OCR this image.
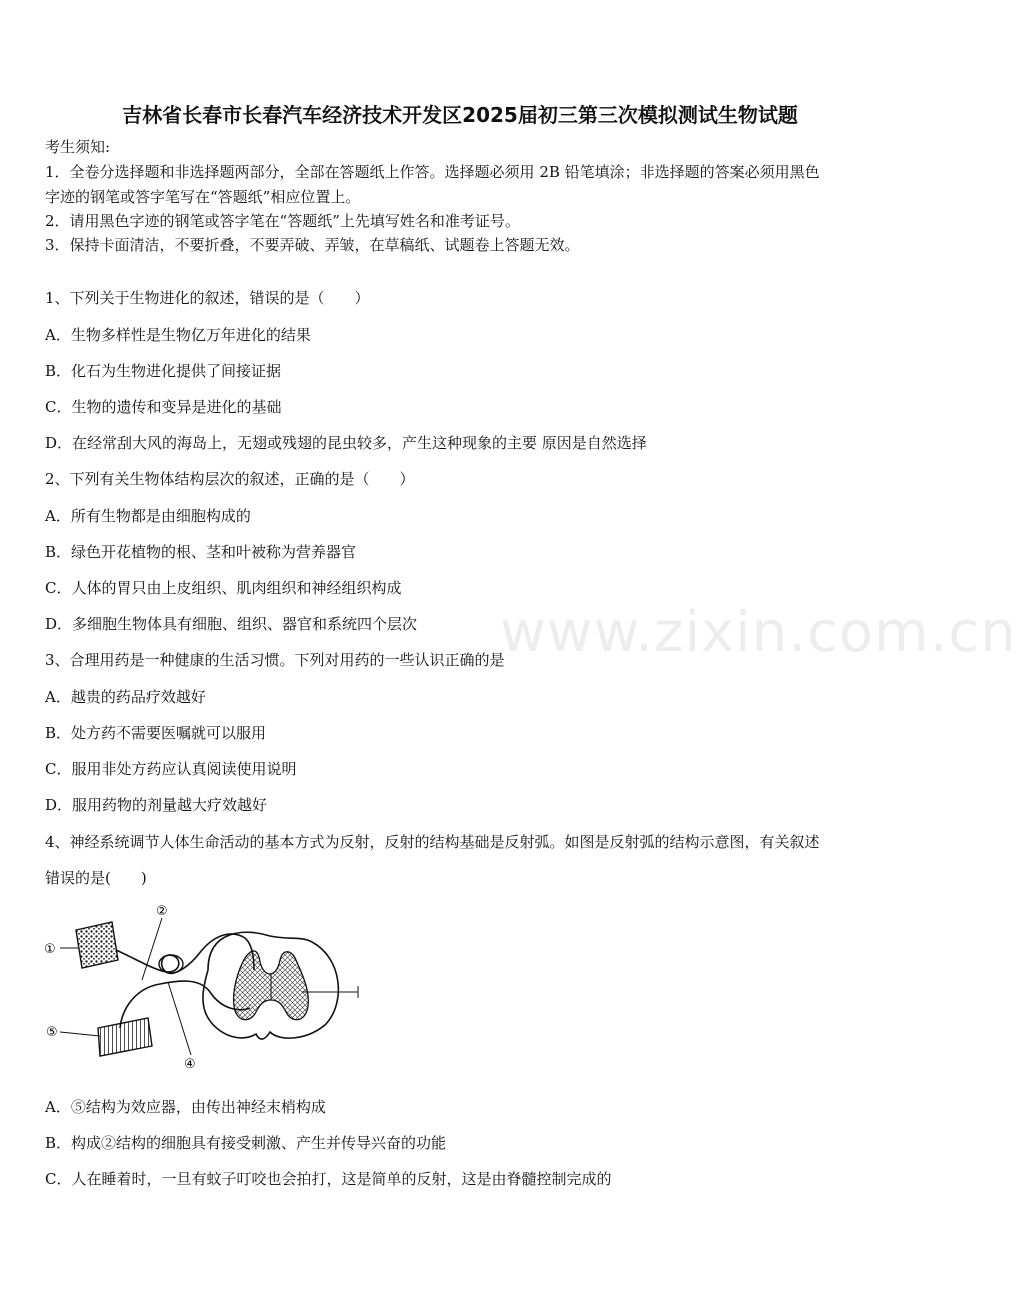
吉林省长春市长春汽车经济技术开发区2025届初三第三次模拟测试生物试题
考生须知:
1．全卷分选择题和非选择题两部分，全部在答题纸上作答。选择题必须用 2B 铅笔填涂；非选择题的答案必须用黑色
字迹的钢笔或答字笔写在“答题纸”相应位置上。
2．请用黑色字迹的钢笔或答字笔在“答题纸”上先填写姓名和准考证号。
3．保持卡面清洁，不要折叠，不要弄破、弄皱，在草稿纸、试题卷上答题无效。
1、下列关于生物进化的叙述，错误的是（　　）
A．生物多样性是生物亿万年进化的结果
B．化石为生物进化提供了间接证据
C．生物的遗传和变异是进化的基础
D．在经常刮大风的海岛上，无翅或残翅的昆虫较多，产生这种现象的主要 原因是自然选择
2、下列有关生物体结构层次的叙述，正确的是（　　）
A．所有生物都是由细胞构成的
B．绿色开花植物的根、茎和叶被称为营养器官
C．人体的胃只由上皮组织、肌肉组织和神经组织构成
D．多细胞生物体具有细胞、组织、器官和系统四个层次
3、合理用药是一种健康的生活习惯。下列对用药的一些认识正确的是
A．越贵的药品疗效越好
B．处方药不需要医嘱就可以服用
C．服用非处方药应认真阅读使用说明
D．服用药物的剂量越大疗效越好
4、神经系统调节人体生命活动的基本方式为反射，反射的结构基础是反射弧。如图是反射弧的结构示意图，有关叙述
错误的是(　　)
①
②
④
⑤
A．⑤结构为效应器，由传出神经末梢构成
B．构成②结构的细胞具有接受刺激、产生并传导兴奋的功能
C．人在睡着时，一旦有蚊子叮咬也会拍打，这是简单的反射，这是由脊髓控制完成的
www.zixin.com.cn
